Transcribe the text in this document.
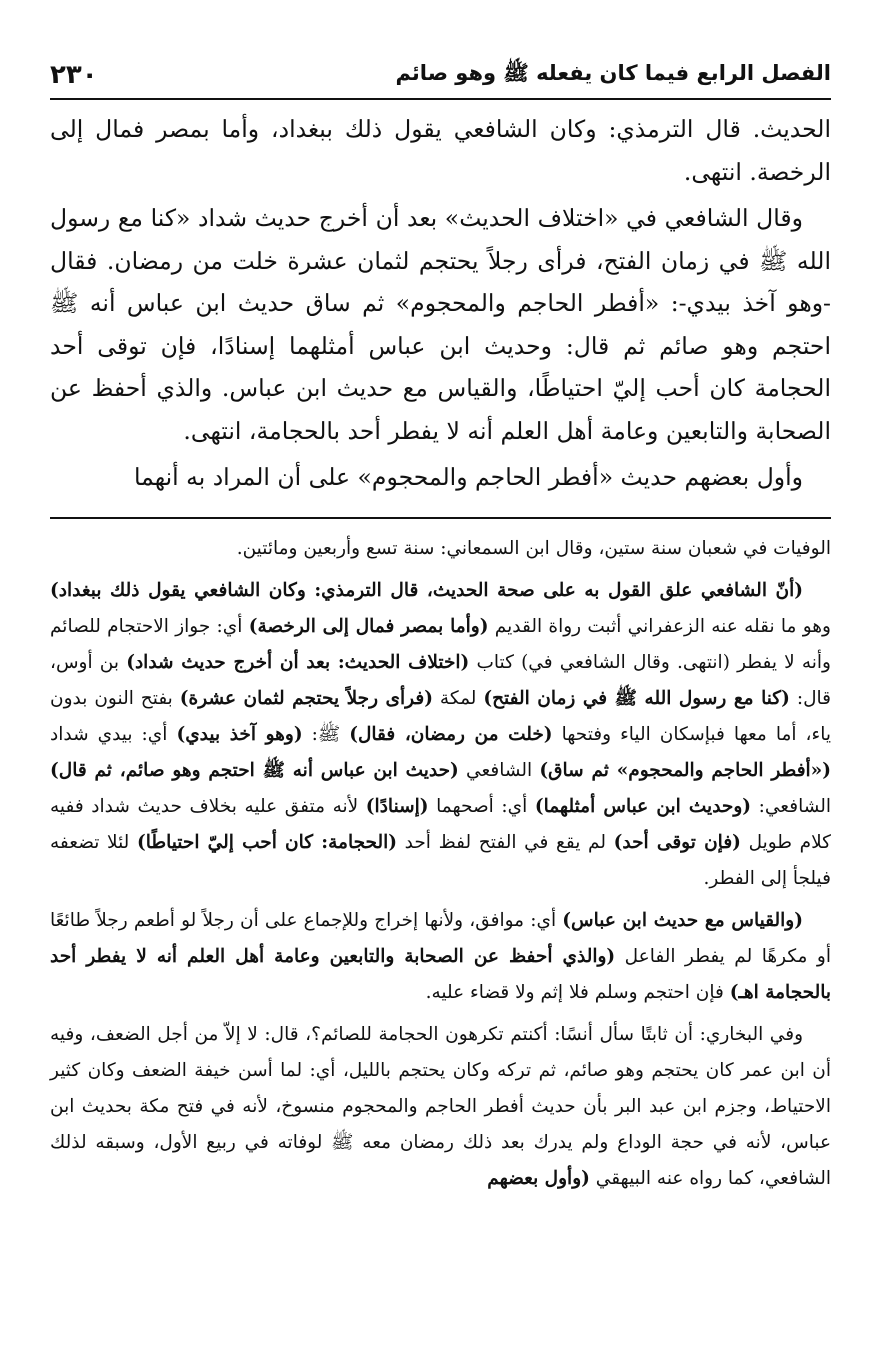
الفصل الرابع فيما كان يفعله ﷺ وهو صائم
٢٣٠

الحديث. قال الترمذي: وكان الشافعي يقول ذلك ببغداد، وأما بمصر فمال إلى الرخصة. انتهى.

وقال الشافعي في «اختلاف الحديث» بعد أن أخرج حديث شداد «كنا مع رسول الله ﷺ في زمان الفتح، فرأى رجلاً يحتجم لثمان عشرة خلت من رمضان. فقال -وهو آخذ بيدي-: «أفطر الحاجم والمحجوم» ثم ساق حديث ابن عباس أنه ﷺ احتجم وهو صائم ثم قال: وحديث ابن عباس أمثلهما إسنادًا، فإن توقى أحد الحجامة كان أحب إليّ احتياطًا، والقياس مع حديث ابن عباس. والذي أحفظ عن الصحابة والتابعين وعامة أهل العلم أنه لا يفطر أحد بالحجامة، انتهى.

وأول بعضهم حديث «أفطر الحاجم والمحجوم» على أن المراد به أنهما

الوفيات في شعبان سنة ستين، وقال ابن السمعاني: سنة تسع وأربعين ومائتين.

(أنّ الشافعي علق القول به على صحة الحديث، قال الترمذي: وكان الشافعي يقول ذلك ببغداد) وهو ما نقله عنه الزعفراني أثبت رواة القديم (وأما بمصر فمال إلى الرخصة) أي: جواز الاحتجام للصائم وأنه لا يفطر (انتهى. وقال الشافعي في) كتاب (اختلاف الحديث: بعد أن أخرج حديث شداد) بن أوس، قال: (كنا مع رسول الله ﷺ في زمان الفتح) لمكة (فرأى رجلاً يحتجم لثمان عشرة) بفتح النون بدون ياء، أما معها فبإسكان الياء وفتحها (خلت من رمضان، فقال) ﷺ: (وهو آخذ بيدي) أي: بيدي شداد («أفطر الحاجم والمحجوم» ثم ساق) الشافعي (حديث ابن عباس أنه ﷺ احتجم وهو صائم، ثم قال) الشافعي: (وحديث ابن عباس أمثلهما) أي: أصحهما (إسنادًا) لأنه متفق عليه بخلاف حديث شداد ففيه كلام طويل (فإن توقى أحد) لم يقع في الفتح لفظ أحد (الحجامة: كان أحب إليّ احتياطًا) لئلا تضعفه فيلجأ إلى الفطر.

(والقياس مع حديث ابن عباس) أي: موافق، ولأنها إخراج وللإجماع على أن رجلاً لو أطعم رجلاً طائعًا أو مكرهًا لم يفطر الفاعل (والذي أحفظ عن الصحابة والتابعين وعامة أهل العلم أنه لا يفطر أحد بالحجامة اهـ) فإن احتجم وسلم فلا إثم ولا قضاء عليه.

وفي البخاري: أن ثابتًا سأل أنسًا: أكنتم تكرهون الحجامة للصائم؟، قال: لا إلاّ من أجل الضعف، وفيه أن ابن عمر كان يحتجم وهو صائم، ثم تركه وكان يحتجم بالليل، أي: لما أسن خيفة الضعف وكان كثير الاحتياط، وجزم ابن عبد البر بأن حديث أفطر الحاجم والمحجوم منسوخ، لأنه في فتح مكة بحديث ابن عباس، لأنه في حجة الوداع ولم يدرك بعد ذلك رمضان معه ﷺ لوفاته في ربيع الأول، وسبقه لذلك الشافعي، كما رواه عنه البيهقي (وأول بعضهم
